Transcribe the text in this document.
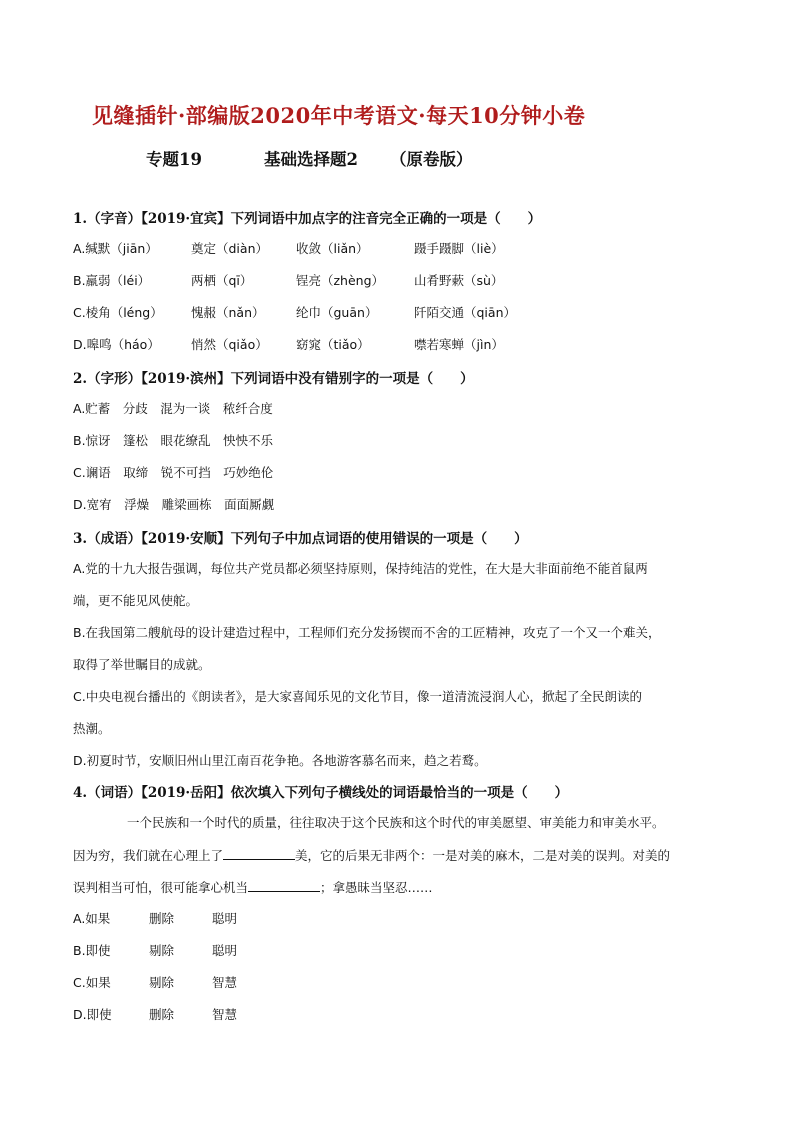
见缝插针·部编版2020年中考语文·每天10分钟小卷
专题19	基础选择题2 （原卷版）
1.（字音）【2019·宜宾】下列词语中加点字的注音完全正确的一项是（　　）
A.缄默（jiān）	奠定（diàn） 收敛（liǎn）	蹑手蹑脚（liè）
B.羸弱（léi）	两栖（qī）	锃亮（zhèng） 山肴野蔌（sù）
C.棱角（léng） 愧赧（nǎn）	纶巾（guān）	阡陌交通（qiān）
D.嗥鸣（háo） 悄然（qiǎo） 窈窕（tiǎo）	噤若寒蝉（jìn）
2.（字形）【2019·滨州】下列词语中没有错别字的一项是（　　）
A.贮蓄　分歧　混为一谈　秾纤合度
B.惊讶　篷松　眼花缭乱　怏怏不乐
C.谰语　取缔　锐不可挡　巧妙绝伦
D.宽宥　浮燥　雕梁画栋　面面厮觑
3.（成语）【2019·安顺】下列句子中加点词语的使用错误的一项是（　　）
A.党的十九大报告强调，每位共产党员都必须坚持原则，保持纯洁的党性，在大是大非面前绝不能首鼠两
端，更不能见风使舵。
B.在我国第二艘航母的设计建造过程中，工程师们充分发扬锲而不舍的工匠精神，攻克了一个又一个难关，
取得了举世瞩目的成就。
C.中央电视台播出的《朗读者》，是大家喜闻乐见的文化节目，像一道清流浸润人心，掀起了全民朗读的
热潮。
D.初夏时节，安顺旧州山里江南百花争艳。各地游客慕名而来，趋之若鹜。
4.（词语）【2019·岳阳】依次填入下列句子横线处的词语最恰当的一项是（　　）
一个民族和一个时代的质量，往往取决于这个民族和这个时代的审美愿望、审美能力和审美水平。
因为穷，我们就在心理上了	美，它的后果无非两个：一是对美的麻木，二是对美的误判。对美的
误判相当可怕，很可能拿心机当	；拿愚昧当坚忍……
A.如果	删除	聪明
B.即使	剔除	聪明
C.如果	剔除	智慧
D.即使	删除	智慧
